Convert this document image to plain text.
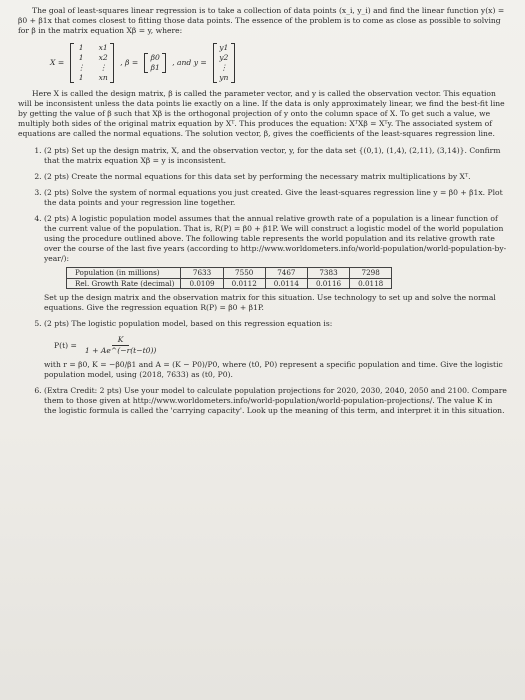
The goal of least-squares linear regression is to take a collection of data points (x_i, y_i) and find the linear function y(x) = β0 + β1x that comes closest to fitting those data points. The essence of the problem is to come as close as possible to solving for β in the matrix equation Xβ = y, where:

X =
1	x1
1	x2
⋮ ⋮
1	xn
, β =
β0
β1
, and y =
y1
y2
⋮
yn

Here X is called the design matrix, β is called the parameter vector, and y is called the observation vector. This equation will be inconsistent unless the data points lie exactly on a line. If the data is only approximately linear, we find the best-fit line by getting the value of β such that Xβ is the orthogonal projection of y onto the column space of X. To get such a value, we multiply both sides of the original matrix equation by Xᵀ. This produces the equation: XᵀXβ = Xᵀy. The associated system of equations are called the normal equations. The solution vector, β, gives the coefficients of the least-squares regression line.

1. (2 pts) Set up the design matrix, X, and the observation vector, y, for the data set {(0,1), (1,4), (2,11), (3,14)}. Confirm that the matrix equation Xβ = y is inconsistent.
2. (2 pts) Create the normal equations for this data set by performing the necessary matrix multiplications by Xᵀ.
3. (2 pts) Solve the system of normal equations you just created. Give the least-squares regression line y = β0 + β1x. Plot the data points and your regression line together.
4. (2 pts) A logistic population model assumes that the annual relative growth rate of a population is a linear function of the current value of the population. That is, R(P) = β0 + β1P. We will construct a logistic model of the world population using the procedure outlined above. The following table represents the world population and its relative growth rate over the course of the last five years (according to http://www.worldometers.info/world-population/world-population-by-year/):
Population (in millions)	7633	7550	7467	7383	7298
Rel. Growth Rate (decimal)	0.0109	0.0112	0.0114	0.0116	0.0118
Set up the design matrix and the observation matrix for this situation. Use technology to set up and solve the normal equations. Give the regression equation R(P) = β0 + β1P.
5. (2 pts) The logistic population model, based on this regression equation is:
$P(t) = \frac{K}{1 + Ae\^{}(-r(t-t0))}$
with r = β0, K = −β0/β1 and A = (K − P0)/P0, where (t0, P0) represent a specific population and time. Give the logistic population model, using (2018, 7633) as (t0, P0).
6. (Extra Credit: 2 pts) Use your model to calculate population projections for 2020, 2030, 2040, 2050 and 2100. Compare them to those given at http://www.worldometers.info/world-population/world-population-projections/. The value K in the logistic formula is called the 'carrying capacity'. Look up the meaning of this term, and interpret it in this situation.
